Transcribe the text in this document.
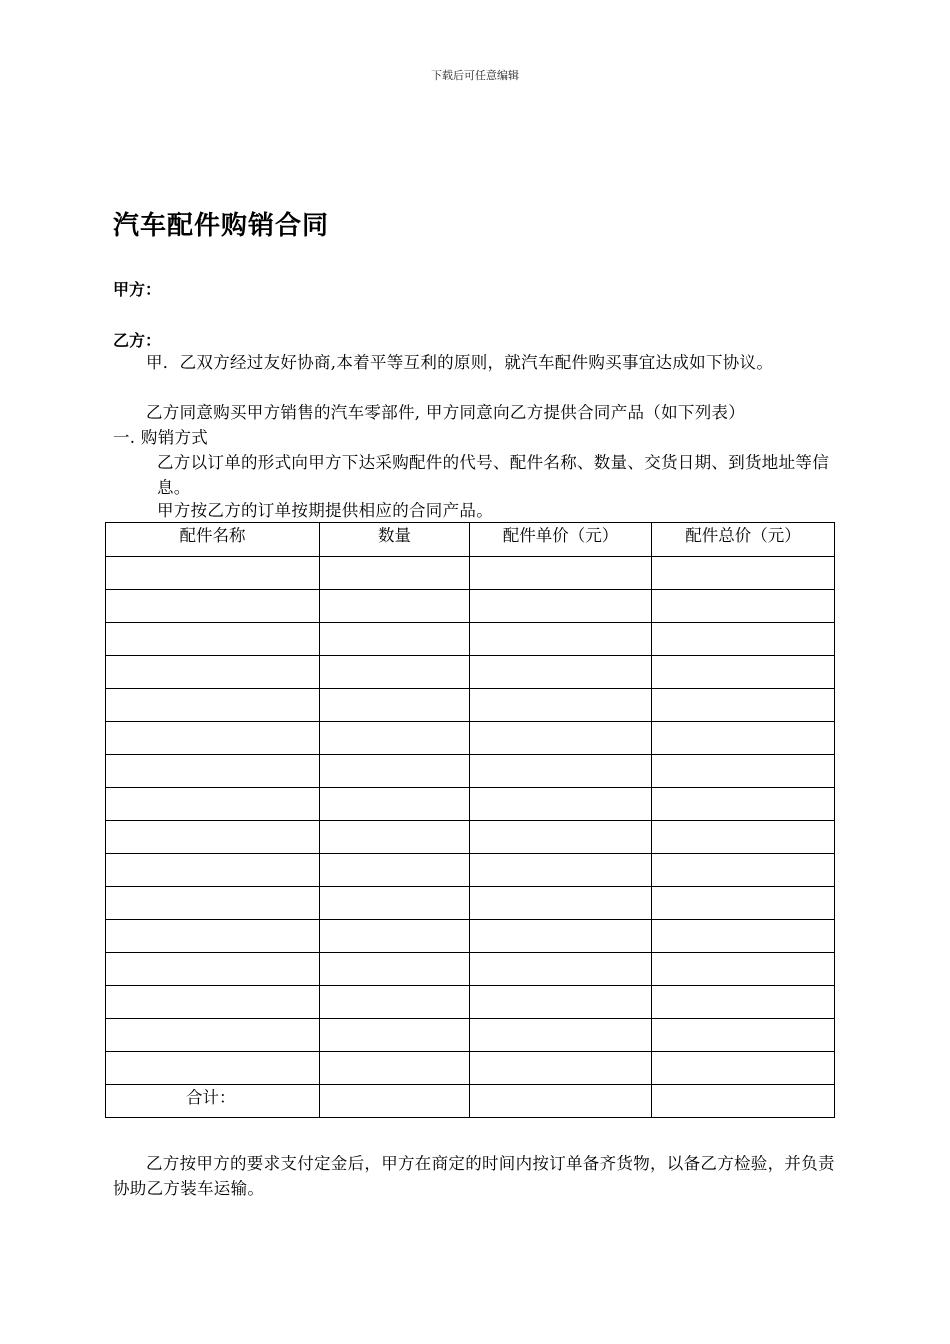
下载后可任意编辑
汽车配件购销合同
甲方：
乙方：

甲．乙双方经过友好协商,本着平等互利的原则，就汽车配件购买事宜达成如下协议。

乙方同意购买甲方销售的汽车零部件, 甲方同意向乙方提供合同产品（如下列表）

一. 购销方式

乙方以订单的形式向甲方下达采购配件的代号、配件名称、数量、交货日期、到货地址等信息。

甲方按乙方的订单按期提供相应的合同产品。

配件名称	数量	配件单价（元）	配件总价（元）

合计：			

乙方按甲方的要求支付定金后，甲方在商定的时间内按订单备齐货物，以备乙方检验，并负责协助乙方装车运输。
